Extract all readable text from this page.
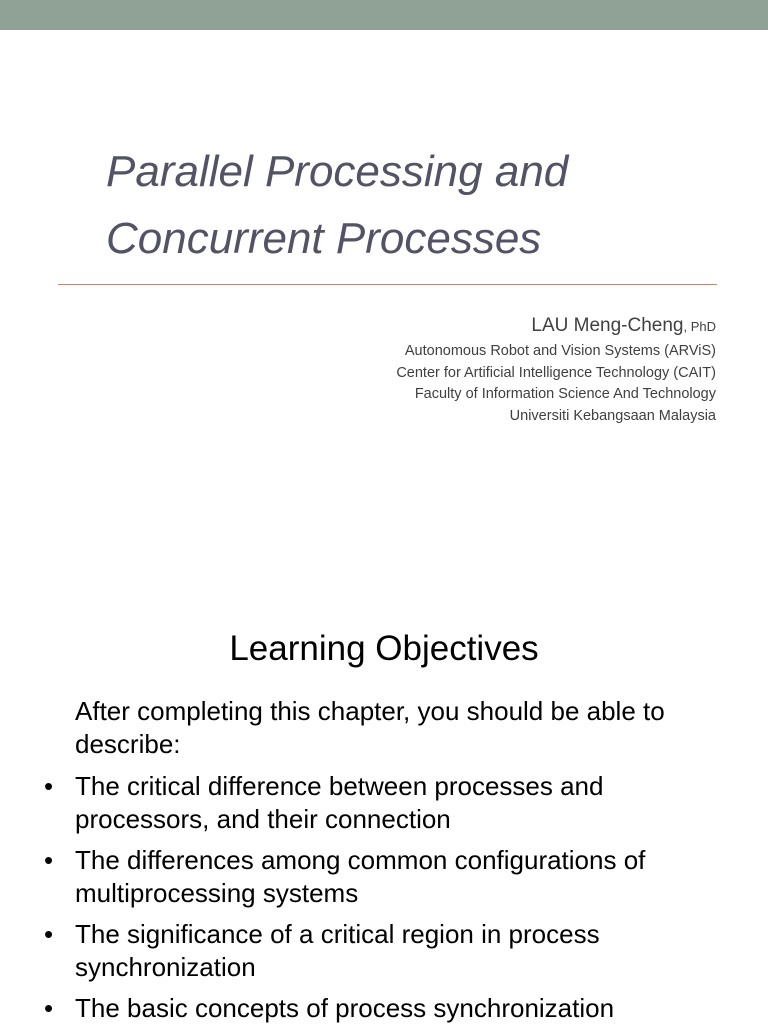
Parallel Processing and
Concurrent Processes
LAU Meng-Cheng, PhD
Autonomous Robot and Vision Systems (ARViS)
Center for Artificial Intelligence Technology (CAIT)
Faculty of Information Science And Technology
Universiti Kebangsaan Malaysia
Learning Objectives

After completing this chapter, you should be able to describe:

• The critical difference between processes and processors, and their connection
• The differences among common configurations of multiprocessing systems
• The significance of a critical region in process synchronization
• The basic concepts of process synchronization
